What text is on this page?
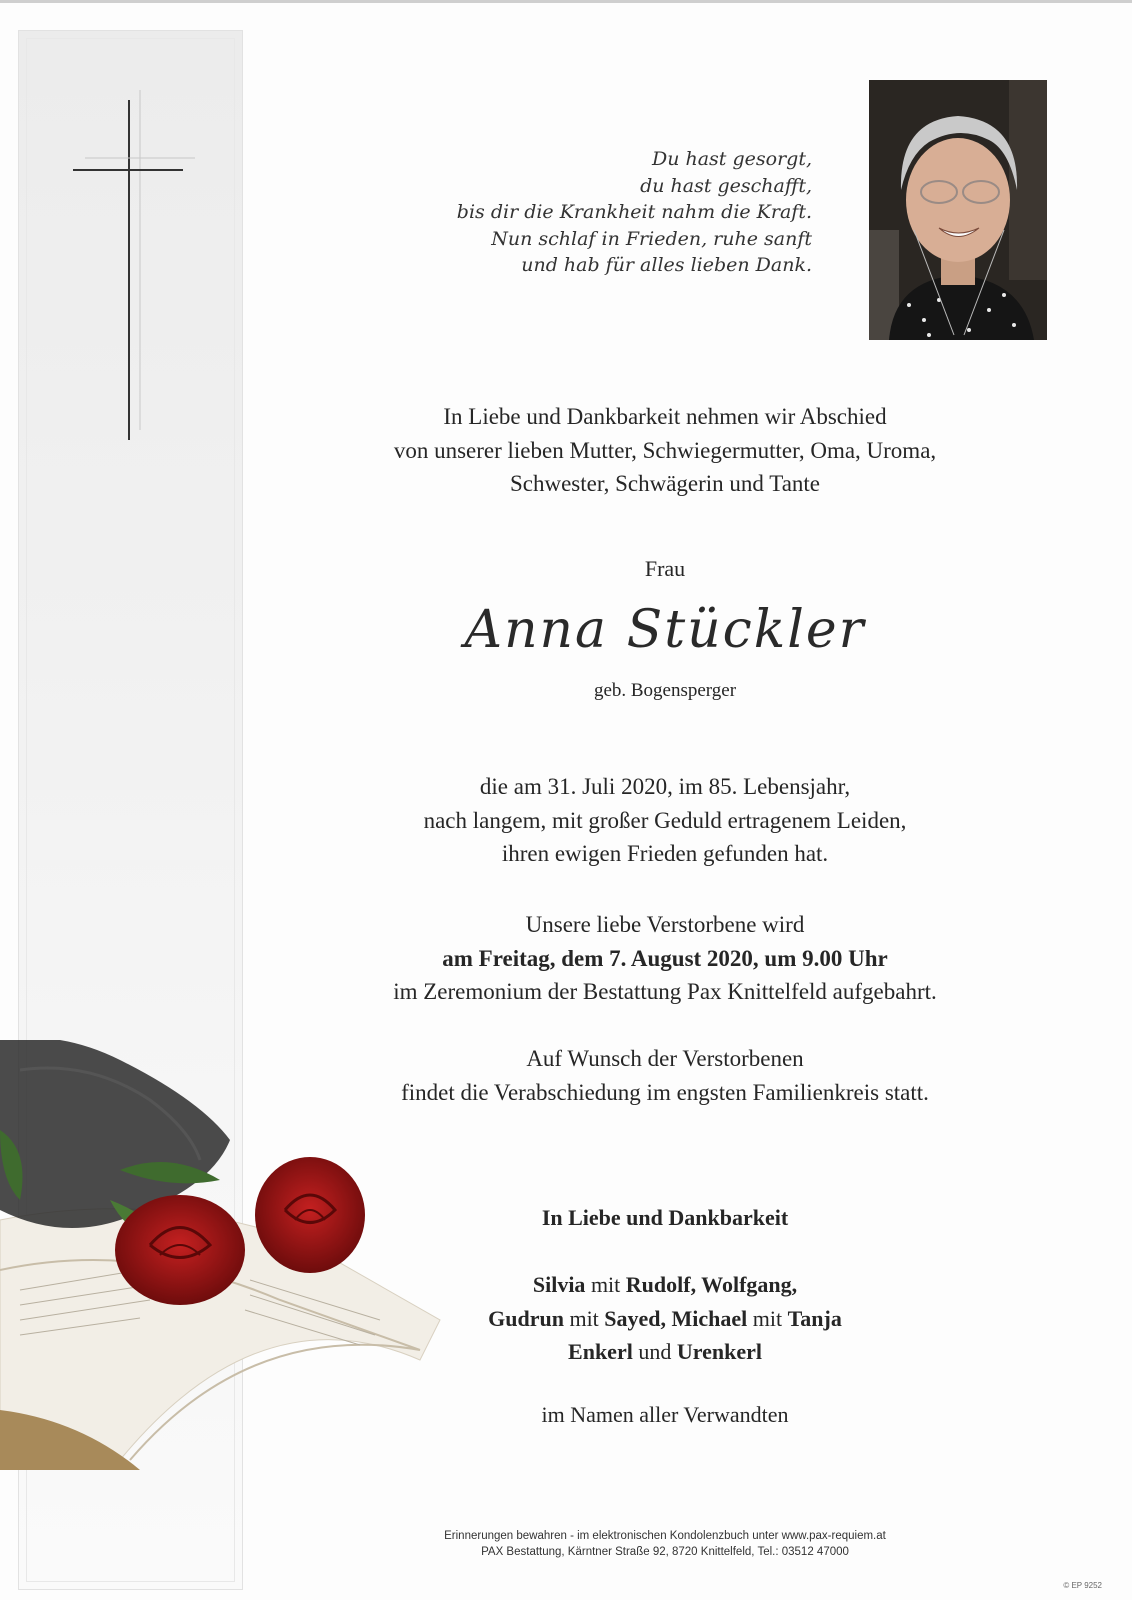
Du hast gesorgt,
du hast geschafft,
bis dir die Krankheit nahm die Kraft.
Nun schlaf in Frieden, ruhe sanft
und hab für alles lieben Dank.
In Liebe und Dankbarkeit nehmen wir Abschied
von unserer lieben Mutter, Schwiegermutter, Oma, Uroma,
Schwester, Schwägerin und Tante
Frau
Anna Stückler
geb. Bogensperger
die am 31. Juli 2020, im 85. Lebensjahr,
nach langem, mit großer Geduld ertragenem Leiden,
ihren ewigen Frieden gefunden hat.
Unsere liebe Verstorbene wird
am Freitag, dem 7. August 2020, um 9.00 Uhr
im Zeremonium der Bestattung Pax Knittelfeld aufgebahrt.
Auf Wunsch der Verstorbenen
findet die Verabschiedung im engsten Familienkreis statt.
In Liebe und Dankbarkeit
Silvia mit Rudolf, Wolfgang,
Gudrun mit Sayed, Michael mit Tanja
Enkerl und Urenkerl
im Namen aller Verwandten
Erinnerungen bewahren - im elektronischen Kondolenzbuch unter www.pax-requiem.at
PAX Bestattung, Kärntner Straße 92, 8720 Knittelfeld, Tel.: 03512 47000
© EP 9252
